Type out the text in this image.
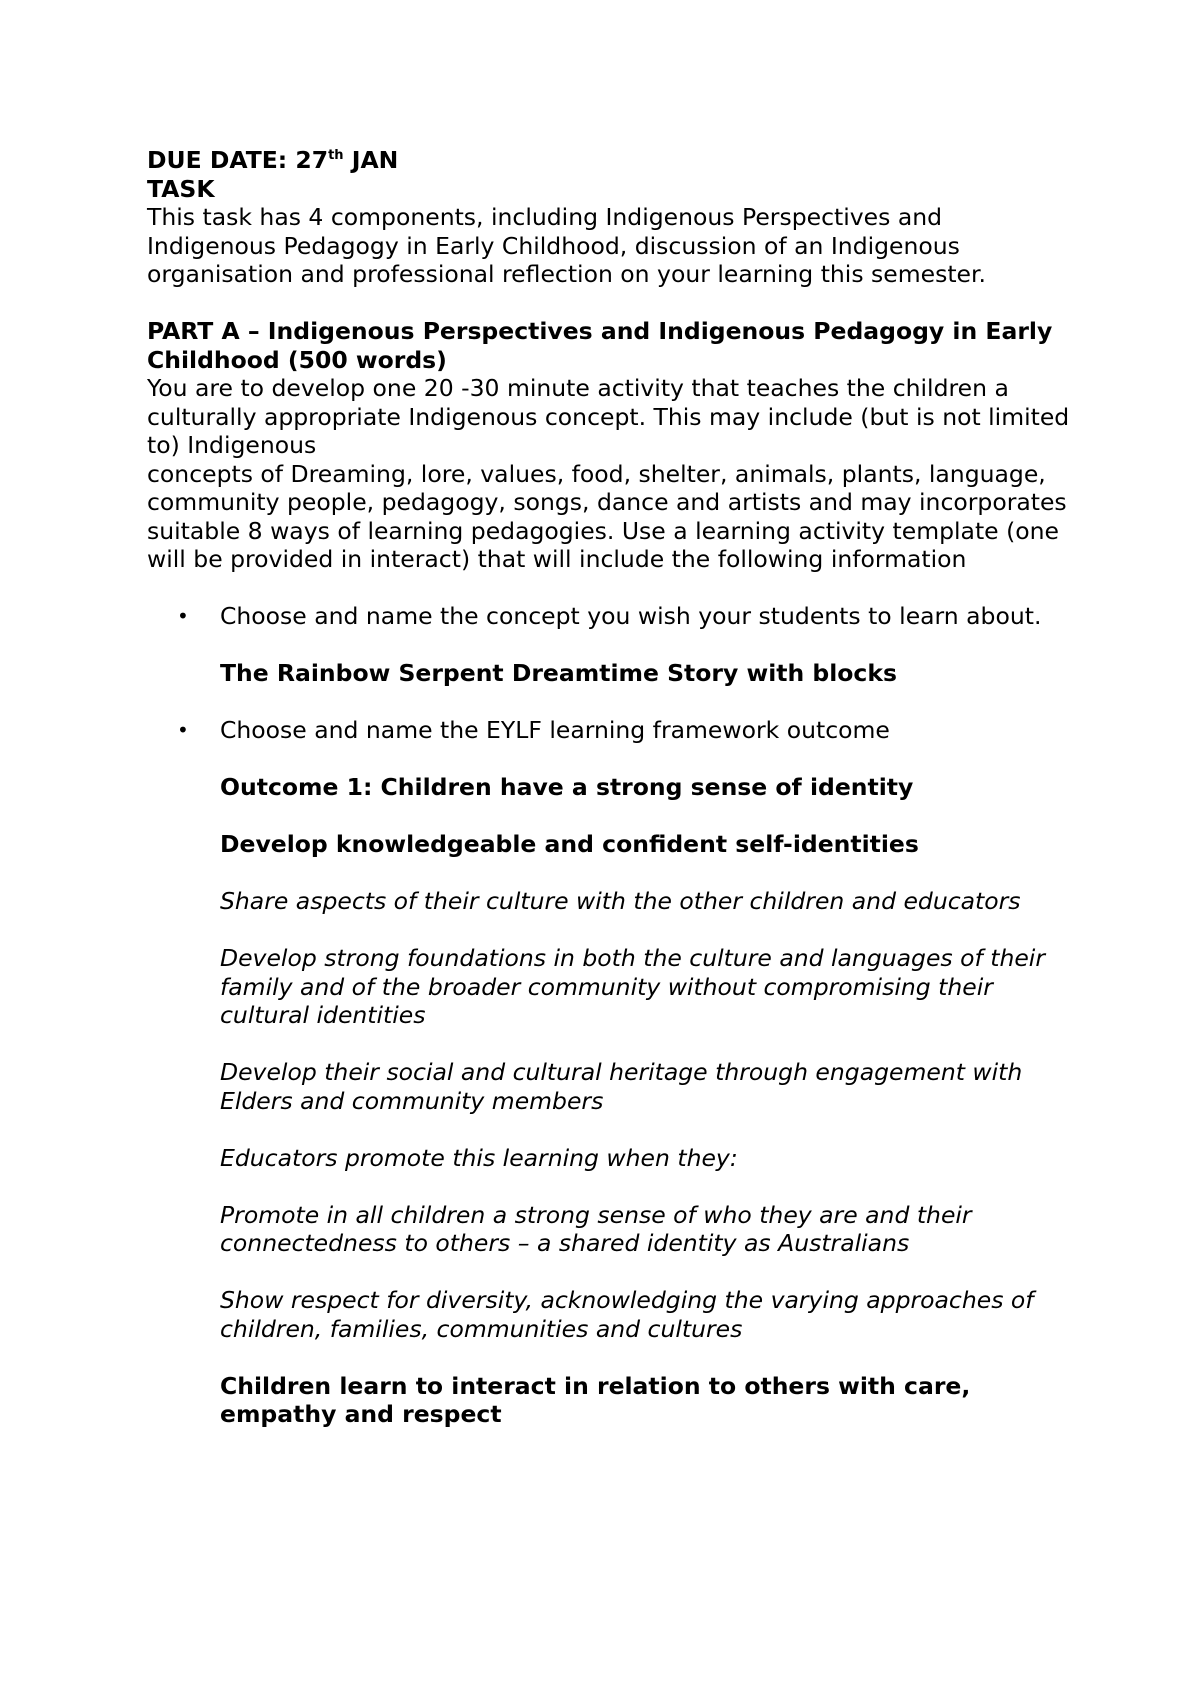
DUE DATE: 27th JAN

TASK

This task has 4 components, including Indigenous Perspectives and Indigenous Pedagogy in Early Childhood, discussion of an Indigenous organisation and professional reflection on your learning this semester.

PART A – Indigenous Perspectives and Indigenous Pedagogy in Early Childhood (500 words)

You are to develop one 20 -30 minute activity that teaches the children a culturally appropriate Indigenous concept. This may include (but is not limited to) Indigenous

concepts of Dreaming, lore, values, food, shelter, animals, plants, language, community people, pedagogy, songs, dance and artists and may incorporates suitable 8 ways of learning pedagogies. Use a learning activity template (one will be provided in interact) that will include the following information

• Choose and name the concept you wish your students to learn about.

The Rainbow Serpent Dreamtime Story with blocks

• Choose and name the EYLF learning framework outcome

Outcome 1: Children have a strong sense of identity

Develop knowledgeable and confident self-identities

Share aspects of their culture with the other children and educators

Develop strong foundations in both the culture and languages of their family and of the broader community without compromising their cultural identities

Develop their social and cultural heritage through engagement with Elders and community members

Educators promote this learning when they:

Promote in all children a strong sense of who they are and their connectedness to others – a shared identity as Australians

Show respect for diversity, acknowledging the varying approaches of children, families, communities and cultures

Children learn to interact in relation to others with care, empathy and respect
